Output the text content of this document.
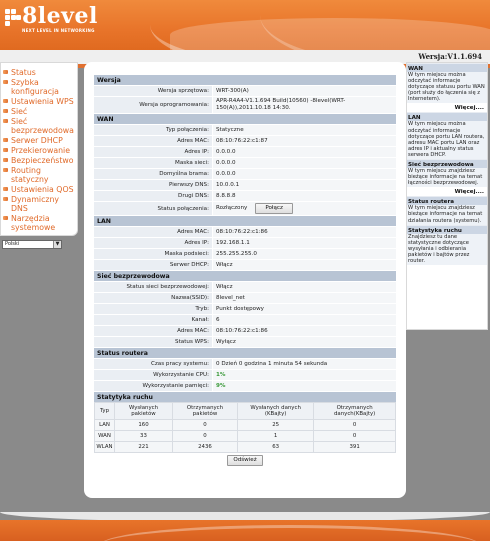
8level
NEXT LEVEL IN NETWORKING
Wersja:V1.1.694
Status
Szybka konfiguracja
Ustawienia WPS
Sieć
Sieć bezprzewodowa
Serwer DHCP
Przekierowanie
Bezpieczeństwo
Routing statyczny
Ustawienia QOS
Dynamiczny DNS
Narzędzia systemowe
Polski	▼
Wersja
Wersja sprzętowa:	WRT-300(A)
Wersja oprogramowania:
APR-R4A4-V1.1.694 Build(10560) -8level(WRT-150(A)),2011.10.18 14:30.
WAN
Typ połączenia:	Statyczne
Adres MAC:	08:10:76:22:c1:87
Adres IP:	0.0.0.0
Maska sieci:	0.0.0.0
Domyślna brama:	0.0.0.0
Pierwszy DNS:	10.0.0.1
Drugi DNS:	8.8.8.8
Status połączenia:	Rozłączony	Połącz
LAN
Adres MAC:	08:10:76:22:c1:86
Adres IP:	192.168.1.1
Maska podsieci:	255.255.255.0
Serwer DHCP:	Włącz
Sieć bezprzewodowa
Status sieci bezprzewodowej:	Włącz
Nazwa(SSID):	8level_net
Tryb:	Punkt dostępowy
Kanał:	6
Adres MAC:	08:10:76:22:c1:86
Status WPS:	Wyłącz
Status routera
Czas pracy systemu:	0 Dzień 0 godzina 1 minuta 54 sekunda
Wykorzystanie CPU:	1%
Wykorzystanie pamięci:	9%
Statytyka ruchu
Typ	Wysłanych pakietów	Otrzymanych pakietów	Wysłanych danych (KBajty)	Otrzymanych danych(KBajty)
LAN	160	0	25	0
WAN	33	0	1	0
WLAN	221	2436	63	391
Odśwież
WAN
W tym miejscu można odczytać informacje dotyczące statusu portu WAN (port służy do łączenia się z Internetem).
Więcej....
LAN
W tym miejscu można odczytać informacje dotyczące portu LAN routera, adresu MAC portu LAN oraz adres IP i aktualny status serwera DHCP.
Sieć bezprzewodowa
W tym miejscu znajdziesz bieżące informacje na temat łączności bezprzewodowej.
Więcej....
Status routera
W tym miejscu znajdziesz bieżące informacje na temat działania routera (systemu).
Statystyka ruchu
Znajdziesz tu dane statystyczne dotyczące wysyłania i odbierania pakietów i bajtów przez router.
